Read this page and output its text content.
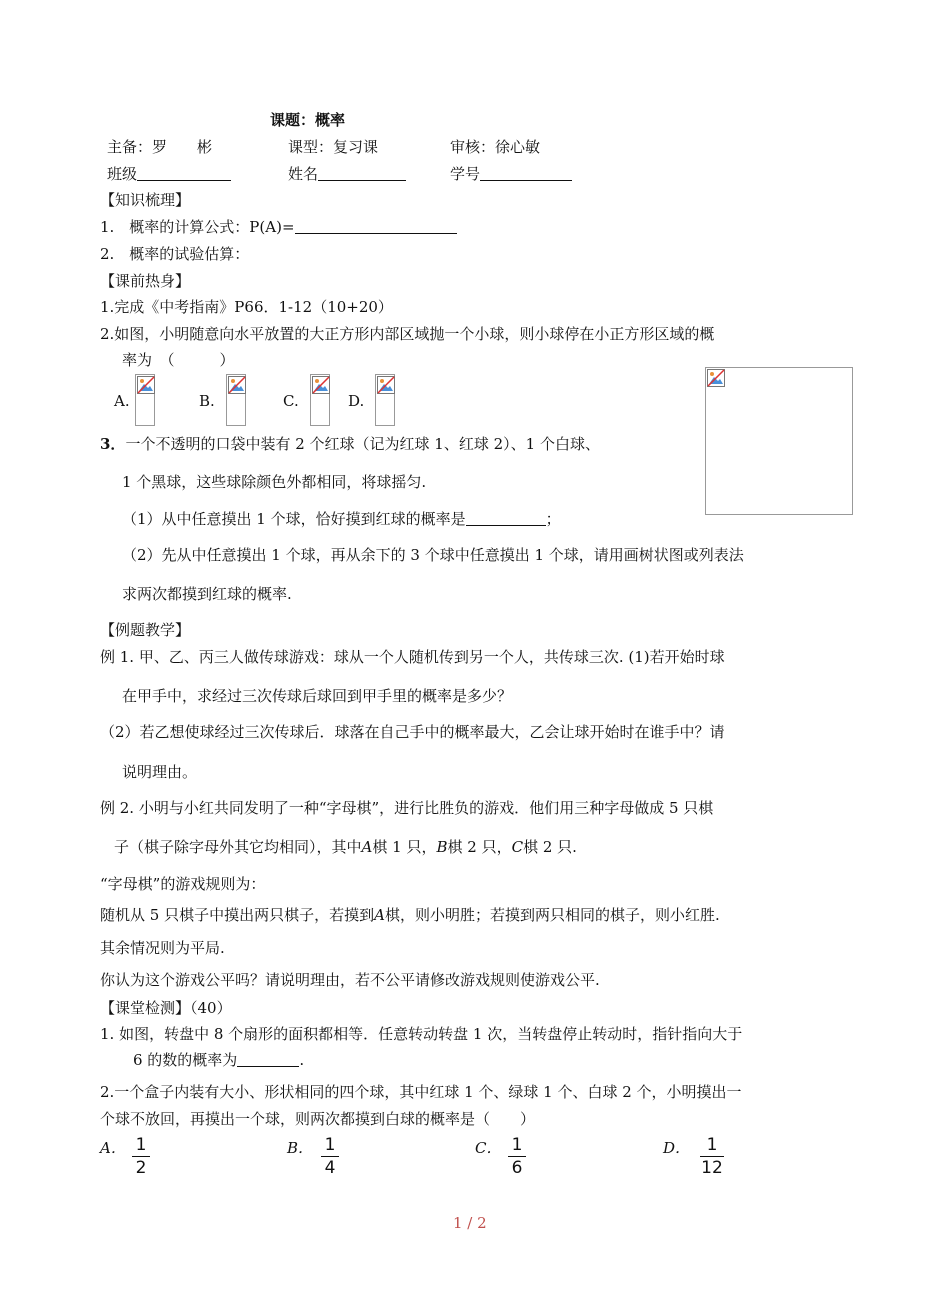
课题：概率
主备：罗　　彬	课型：复习课	审核：徐心敏
班级	姓名	学号
【知识梳理】
1.　概率的计算公式：P(A)=
2.　概率的试验估算：
【课前热身】
1.完成《中考指南》P66．1-12（10+20）
2.如图，小明随意向水平放置的大正方形内部区域抛一个小球，则小球停在小正方形区域的概
率为　（　　　）
A.	B.	C.	D.
3．一个不透明的口袋中装有 2 个红球（记为红球 1、红球 2）、1 个白球、
1 个黑球，这些球除颜色外都相同，将球摇匀.
（1）从中任意摸出 1 个球，恰好摸到红球的概率是	；
（2）先从中任意摸出 1 个球，再从余下的 3 个球中任意摸出 1 个球，请用画树状图或列表法
求两次都摸到红球的概率.
【例题教学】
例 1. 甲、乙、丙三人做传球游戏：球从一个人随机传到另一个人，共传球三次. (1)若开始时球
在甲手中，求经过三次传球后球回到甲手里的概率是多少？
（2）若乙想使球经过三次传球后．球落在自己手中的概率最大，乙会让球开始时在谁手中？请
说明理由。
例 2. 小明与小红共同发明了一种“字母棋”，进行比胜负的游戏．他们用三种字母做成 5 只棋
子（棋子除字母外其它均相同），其中A棋 1 只，B棋 2 只，C棋 2 只.
“字母棋”的游戏规则为：
随机从 5 只棋子中摸出两只棋子，若摸到A棋，则小明胜；若摸到两只相同的棋子，则小红胜.
其余情况则为平局.
你认为这个游戏公平吗？请说明理由，若不公平请修改游戏规则使游戏公平.
【课堂检测】（40）
1. 如图，转盘中 8 个扇形的面积都相等．任意转动转盘 1 次，当转盘停止转动时，指针指向大于
6 的数的概率为	.
2.一个盒子内装有大小、形状相同的四个球，其中红球 1 个、绿球 1 个、白球 2 个，小明摸出一
个球不放回，再摸出一个球，则两次都摸到白球的概率是（　　）
A． 1
2
B． 1
4
C． 1
6
D． 1
12
1 / 2
